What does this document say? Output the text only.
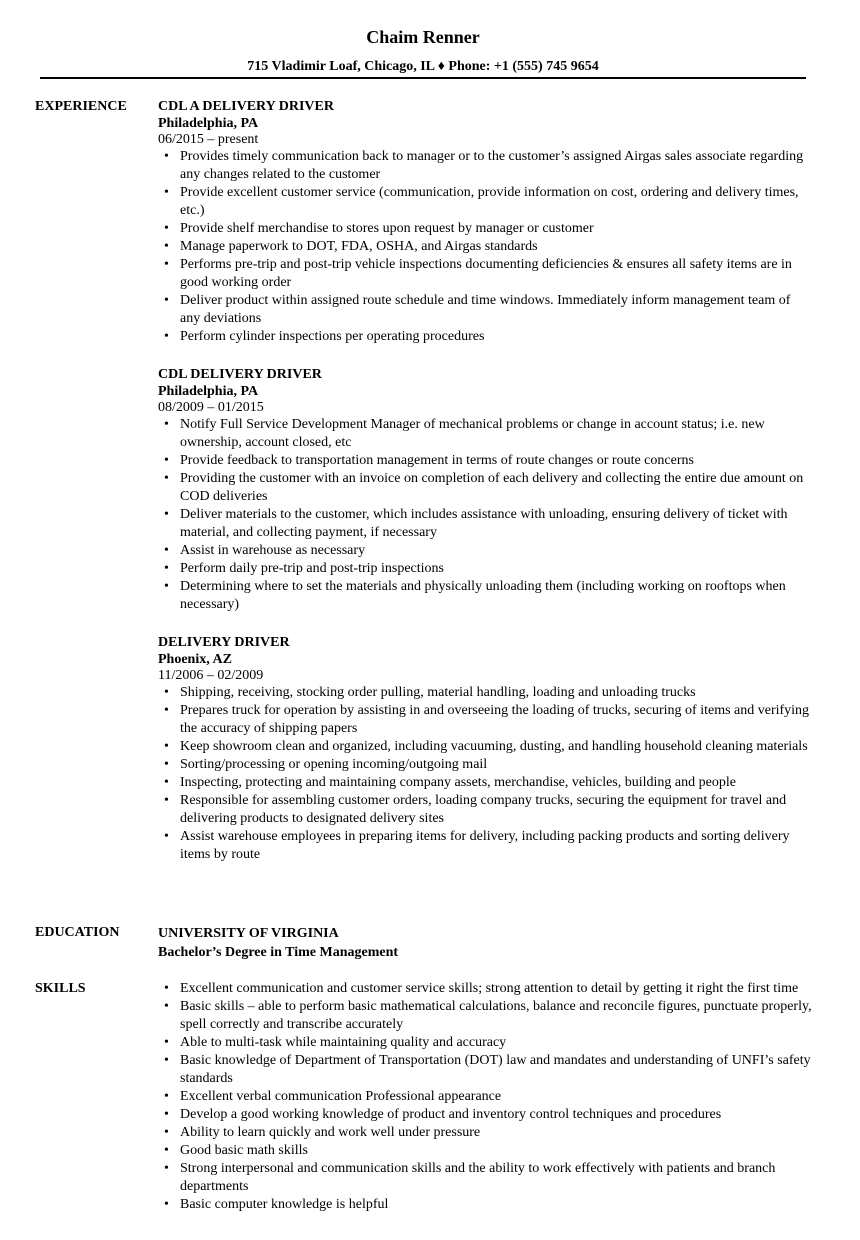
Chaim Renner
715 Vladimir Loaf, Chicago, IL ♦ Phone: +1 (555) 745 9654
EXPERIENCE CDL A DELIVERY DRIVER
Philadelphia, PA
06/2015 – present
• Provides timely communication back to manager or to the customer’s assigned Airgas sales associate regarding any changes related to the customer
• Provide excellent customer service (communication, provide information on cost, ordering and delivery times, etc.)
• Provide shelf merchandise to stores upon request by manager or customer
• Manage paperwork to DOT, FDA, OSHA, and Airgas standards
• Performs pre-trip and post-trip vehicle inspections documenting deficiencies & ensures all safety items are in good working order
• Deliver product within assigned route schedule and time windows. Immediately inform management team of any deviations
• Perform cylinder inspections per operating procedures
CDL DELIVERY DRIVER
Philadelphia, PA
08/2009 – 01/2015
• Notify Full Service Development Manager of mechanical problems or change in account status; i.e. new ownership, account closed, etc
• Provide feedback to transportation management in terms of route changes or route concerns
• Providing the customer with an invoice on completion of each delivery and collecting the entire due amount on COD deliveries
• Deliver materials to the customer, which includes assistance with unloading, ensuring delivery of ticket with material, and collecting payment, if necessary
• Assist in warehouse as necessary
• Perform daily pre-trip and post-trip inspections
• Determining where to set the materials and physically unloading them (including working on rooftops when necessary)
DELIVERY DRIVER
Phoenix, AZ
11/2006 – 02/2009
• Shipping, receiving, stocking order pulling, material handling, loading and unloading trucks
• Prepares truck for operation by assisting in and overseeing the loading of trucks, securing of items and verifying the accuracy of shipping papers
• Keep showroom clean and organized, including vacuuming, dusting, and handling household cleaning materials
• Sorting/processing or opening incoming/outgoing mail
• Inspecting, protecting and maintaining company assets, merchandise, vehicles, building and people
• Responsible for assembling customer orders, loading company trucks, securing the equipment for travel and delivering products to designated delivery sites
• Assist warehouse employees in preparing items for delivery, including packing products and sorting delivery items by route
EDUCATION	UNIVERSITY OF VIRGINIA
Bachelor’s Degree in Time Management
SKILLS	• Excellent communication and customer service skills; strong attention to detail by getting it right the first time
• Basic skills – able to perform basic mathematical calculations, balance and reconcile figures, punctuate properly, spell correctly and transcribe accurately
• Able to multi-task while maintaining quality and accuracy
• Basic knowledge of Department of Transportation (DOT) law and mandates and understanding of UNFI’s safety standards
• Excellent verbal communication Professional appearance
• Develop a good working knowledge of product and inventory control techniques and procedures
• Ability to learn quickly and work well under pressure
• Good basic math skills
• Strong interpersonal and communication skills and the ability to work effectively with patients and branch departments
• Basic computer knowledge is helpful
